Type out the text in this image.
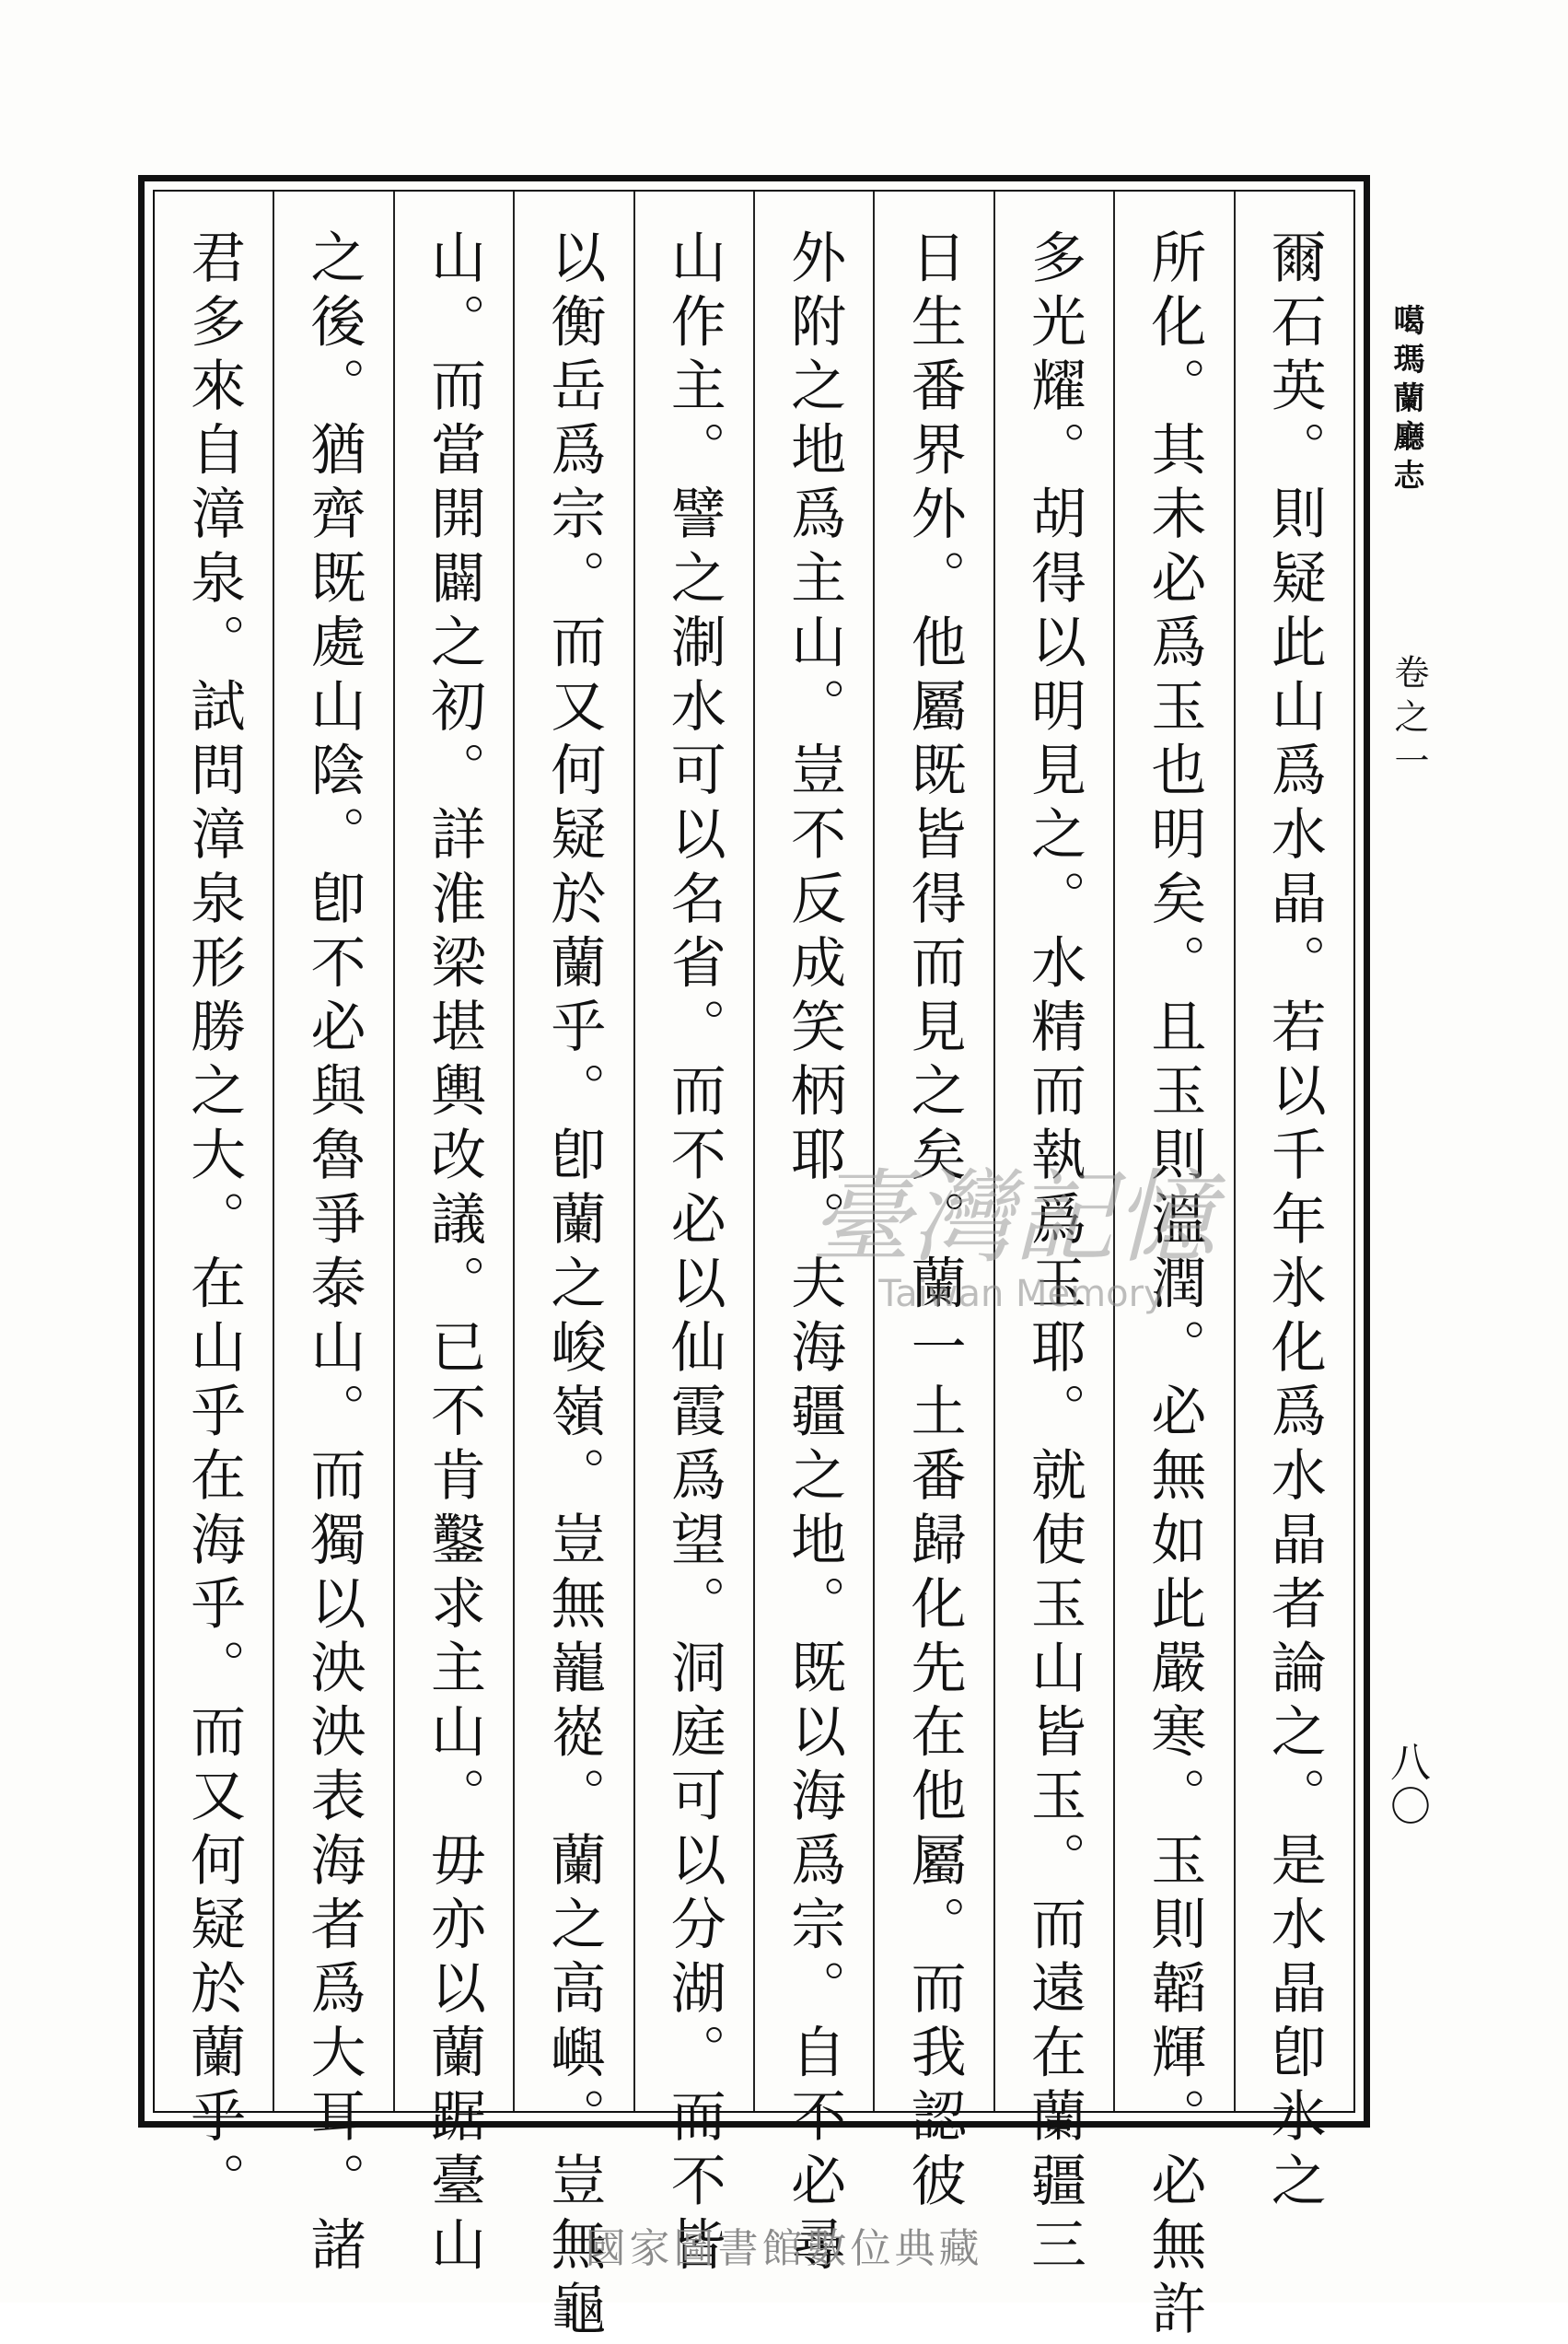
爾石英。則疑此山爲水晶。若以千年氷化爲水晶者論之。是水晶卽氷之
所化。其未必爲玉也明矣。且玉則溫潤。必無如此嚴寒。玉則韜輝。必無許
多光耀。胡得以明見之。水精而執爲玉耶。就使玉山皆玉。而遠在蘭疆三
日生番界外。他屬既皆得而見之矣。蘭一土番歸化先在他屬。而我認彼
外附之地爲主山。豈不反成笑柄耶。夫海疆之地。既以海爲宗。自不必尋
山作主。譬之淛水可以名省。而不必以仙霞爲望。洞庭可以分湖。而不皆
以衡岳爲宗。而又何疑於蘭乎。卽蘭之峻嶺。豈無巃嵸。蘭之高嶼。豈無龜
山。而當開闢之初。詳淮梁堪輿改議。已不肯鑿求主山。毋亦以蘭踞臺山
之後。猶齊既處山陰。卽不必與魯爭泰山。而獨以泱泱表海者爲大耳。諸
君多來自漳泉。試問漳泉形勝之大。在山乎在海乎。而又何疑於蘭乎。	噶瑪蘭廳志
卷之一
八〇
臺灣記憶
Taiwan Memory
國家圖書館數位典藏
